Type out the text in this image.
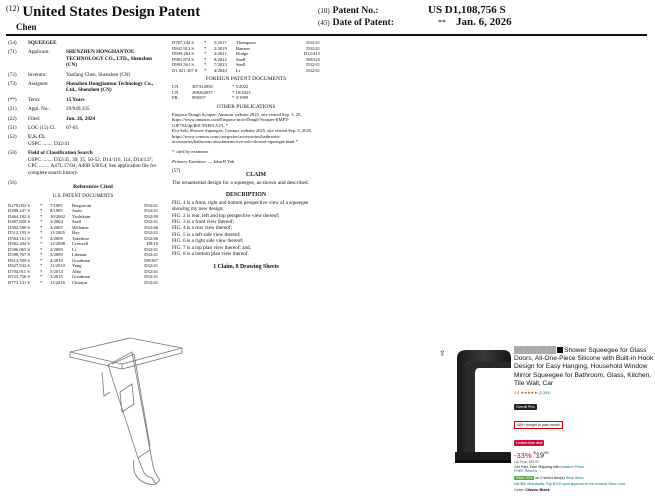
$^{(12)}$ United States Design Patent
Chen
(10) Patent No.:	US D1,108,756 S
(45) Date of Patent:	** Jan. 6, 2026
(54)	SQUEEGEE
(71)	Applicant:	SHENZHEN HONGHANTOU TECHNOLOGY CO., LTD., Shenzhen (CN)
(72)	Inventor:	Yanfang Chen, Shenzhen (CN)
(73)	Assignee:	Shenzhen Hongjiantou Technology Co., Ltd., Shenzhen (CN)
(**)	Term:	15 Years
(21)	Appl. No.:	29/949,335
(22)	Filed:	Jun. 26, 2024
(51)	LOC (15) Cl.	07-05
(52)	U.S. Cl.
USPC ........ D32/41
(58)	Field of Classification Search
USPC ........ D32/45, 39, 35, 50-52; D14/116, 114, D14/137; CPC ........ A47L 17/04; A46B 5/0054; See application file for complete search history.
(56)
References Cited
U.S. PATENT DOCUMENTS
D279,032 S	*	7/1985	Bergstrom	D32/41
D280,247 S	*	8/1985	Jones	D32/41
D464,182 S	*	10/2002	Yoshikian	D32/49
D487,830 S	*	3/2004	Snell	D32/41
D502,580 S	*	3/2005	Williams	D32/46
D512,193 S	*	11/2005	Hay	D32/41
D564,161 S	*	3/2008	Takedose	D32/46
D582,204 S	*	12/2008	Creswell	D8/19
D586,065 S	*	2/2009	Li	D32/41
D588,767 S	*	3/2009	Libman	D32/41
D613,509 S	*	4/2010	Goodman	D8/367
D627,532 S	*	11/2010	Yang	D32/41
D704,911 S	*	5/2014	Albo	D32/41
D723,756 S	*	3/2015	Goodman	D32/41
D773,141 S	*	11/2016	Chitayat	D32/41
D787,144 S	*	5/2017	Thompson	D32/41
D841,913 S	*	2/2019	Ramser	D32/41
D909,284 S	*	2/2021	Hodge	D12/415
D961,874 S	*	8/2022	Snell	D8/525
D993,561 S	*	7/2023	Snell	D32/41
D1,021,307 S	*	4/2024	Li	D32/41
FOREIGN PATENT DOCUMENTS
CN	307314958	* 5/2022
CN	308264037	* 10/2023
FR	996597	* 3/1999
OTHER PUBLICATIONS
Empava Dough Scraper, Amazon website 2025, site visited Sep. 5, 25, https://www.amazon.com/Empava-inch-Dough-Scraper-EMPV-GIF702/dp/B0C5NH1LVJ/L *
Eva Solo Shower Squeegee, Connox website 2025, site visited Sep. 5, 2025, https://www.connox.com/categories/accessories/bathroom-accessories/bathroom-attachments/eva-solo-shower-squeegee.html *
* cited by examiner
Primary Examiner — John R Yeh
(57)
CLAIM
The ornamental design for a squeegee, as shown and described.
DESCRIPTION
FIG. 1 is a front, right and bottom perspective view of a squeegee showing my new design;
FIG. 2 is rear, left and top perspective view thereof;
FIG. 3 is a front view thereof;
FIG. 4 is a rear view thereof;
FIG. 5 is a left side view thereof;
FIG. 6 is a right side view thereof;
FIG. 7 is a top plan view thereof; and,
FIG. 8 is a bottom plan view thereof.
1 Claim, 8 Drawing Sheets
⇪	█████████ Shower Squeegee for Glass Doors, All-One-Piece Silicone with Built-in Hook Design for Easy Hanging, Household Window Mirror Squeegee for Bathroom, Glass, Kitchen, Tile Wall, Car
4.6 ★★★★★ (2,393)
Overall Pick
500+ bought in past month
Limited time deal
-33% $^{\$}19^{99}$
List Price: $29.99
Get Fast, Free Shipping with Amazon Prime
FREE Returns
Save 10% on 2 select item(s) Shop items
Get $60 off instantly: Pay $0.00 upon approval for the Amazon Store Card.
Color: Classic Black
